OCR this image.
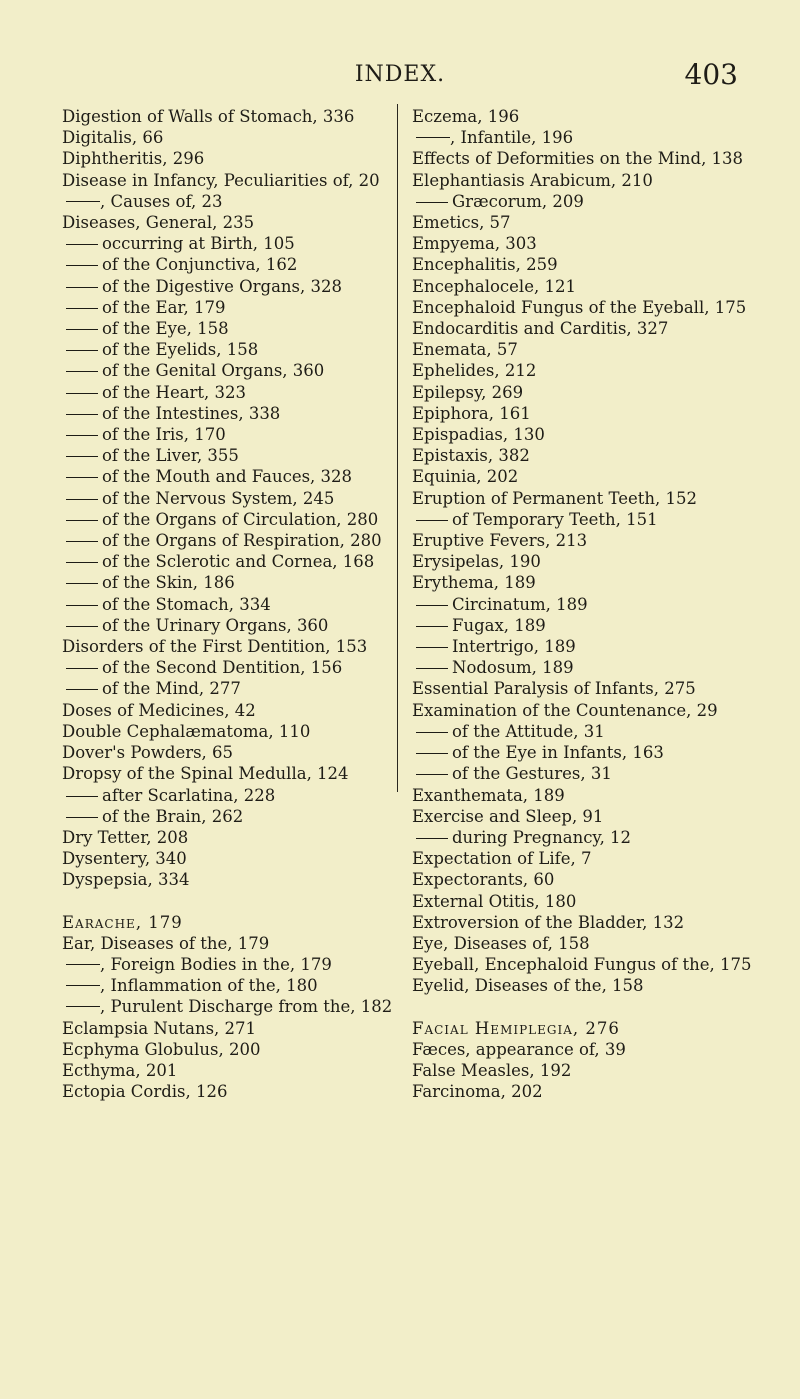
INDEX.	403
Digestion of Walls of Stomach, 336
Digitalis, 66
Diphtheritis, 296
Disease in Infancy, Peculiarities of, 20
, Causes of, 23
Diseases, General, 235
occurring at Birth, 105
of the Conjunctiva, 162
of the Digestive Organs, 328
of the Ear, 179
of the Eye, 158
of the Eyelids, 158
of the Genital Organs, 360
of the Heart, 323
of the Intestines, 338
of the Iris, 170
of the Liver, 355
of the Mouth and Fauces, 328
of the Nervous System, 245
of the Organs of Circulation, 280
of the Organs of Respiration, 280
of the Sclerotic and Cornea, 168
of the Skin, 186
of the Stomach, 334
of the Urinary Organs, 360
Disorders of the First Dentition, 153
of the Second Dentition, 156
of the Mind, 277
Doses of Medicines, 42
Double Cephalæmatoma, 110
Dover's Powders, 65
Dropsy of the Spinal Medulla, 124
after Scarlatina, 228
of the Brain, 262
Dry Tetter, 208
Dysentery, 340
Dyspepsia, 334
Earache, 179
Ear, Diseases of the, 179
, Foreign Bodies in the, 179
, Inflammation of the, 180
, Purulent Discharge from the, 182
Eclampsia Nutans, 271
Ecphyma Globulus, 200
Ecthyma, 201
Ectopia Cordis, 126
Eczema, 196
, Infantile, 196
Effects of Deformities on the Mind, 138
Elephantiasis Arabicum, 210
Græcorum, 209
Emetics, 57
Empyema, 303
Encephalitis, 259
Encephalocele, 121
Encephaloid Fungus of the Eyeball, 175
Endocarditis and Carditis, 327
Enemata, 57
Ephelides, 212
Epilepsy, 269
Epiphora, 161
Epispadias, 130
Epistaxis, 382
Equinia, 202
Eruption of Permanent Teeth, 152
of Temporary Teeth, 151
Eruptive Fevers, 213
Erysipelas, 190
Erythema, 189
Circinatum, 189
Fugax, 189
Intertrigo, 189
Nodosum, 189
Essential Paralysis of Infants, 275
Examination of the Countenance, 29
of the Attitude, 31
of the Eye in Infants, 163
of the Gestures, 31
Exanthemata, 189
Exercise and Sleep, 91
during Pregnancy, 12
Expectation of Life, 7
Expectorants, 60
External Otitis, 180
Extroversion of the Bladder, 132
Eye, Diseases of, 158
Eyeball, Encephaloid Fungus of the, 175
Eyelid, Diseases of the, 158
Facial Hemiplegia, 276
Fæces, appearance of, 39
False Measles, 192
Farcinoma, 202
